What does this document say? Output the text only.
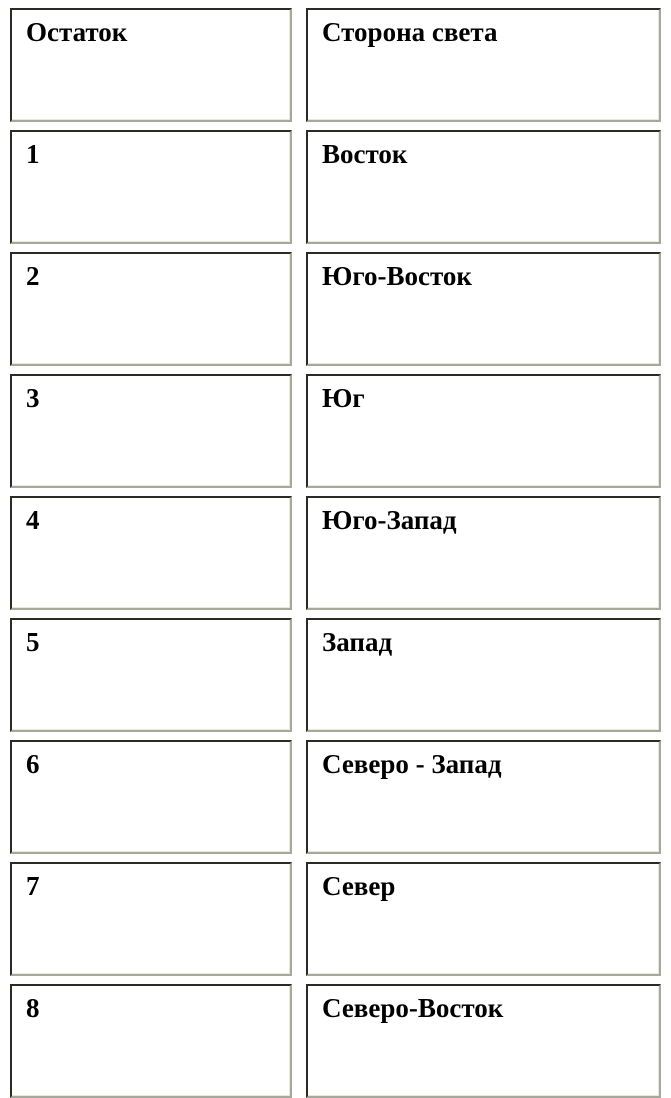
Остаток		Сторона света

1		Восток

2		Юго-Восток

3		Юг

4		Юго-Запад

5		Запад

6		Северо - Запад

7		Север

8		Северо-Восток
